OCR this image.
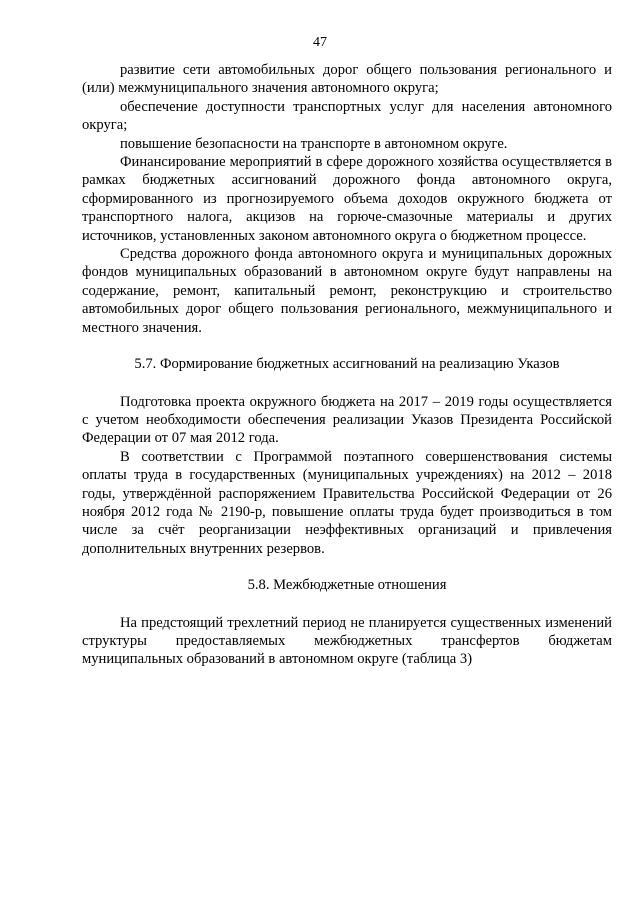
47

развитие сети автомобильных дорог общего пользования регионального и (или) межмуниципального значения автономного округа;

обеспечение доступности транспортных услуг для населения автономного округа;

повышение безопасности на транспорте в автономном округе.

Финансирование мероприятий в сфере дорожного хозяйства осуществляется в рамках бюджетных ассигнований дорожного фонда автономного округа, сформированного из прогнозируемого объема доходов окружного бюджета от транспортного налога, акцизов на горюче-смазочные материалы и других источников, установленных законом автономного округа о бюджетном процессе.

Средства дорожного фонда автономного округа и муниципальных дорожных фондов муниципальных образований в автономном округе будут направлены на содержание, ремонт, капитальный ремонт, реконструкцию и строительство автомобильных дорог общего пользования регионального, межмуниципального и местного значения.

5.7. Формирование бюджетных ассигнований на реализацию Указов

Подготовка проекта окружного бюджета на 2017 – 2019 годы осуществляется с учетом необходимости обеспечения реализации Указов Президента Российской Федерации от 07 мая 2012 года.

В соответствии с Программой поэтапного совершенствования системы оплаты труда в государственных (муниципальных учреждениях) на 2012 – 2018 годы, утверждённой распоряжением Правительства Российской Федерации от 26 ноября 2012 года № 2190-р, повышение оплаты труда будет производиться в том числе за счёт реорганизации неэффективных организаций и привлечения дополнительных внутренних резервов.

5.8. Межбюджетные отношения

На предстоящий трехлетний период не планируется существенных изменений структуры предоставляемых межбюджетных трансфертов бюджетам муниципальных образований в автономном округе (таблица 3)
